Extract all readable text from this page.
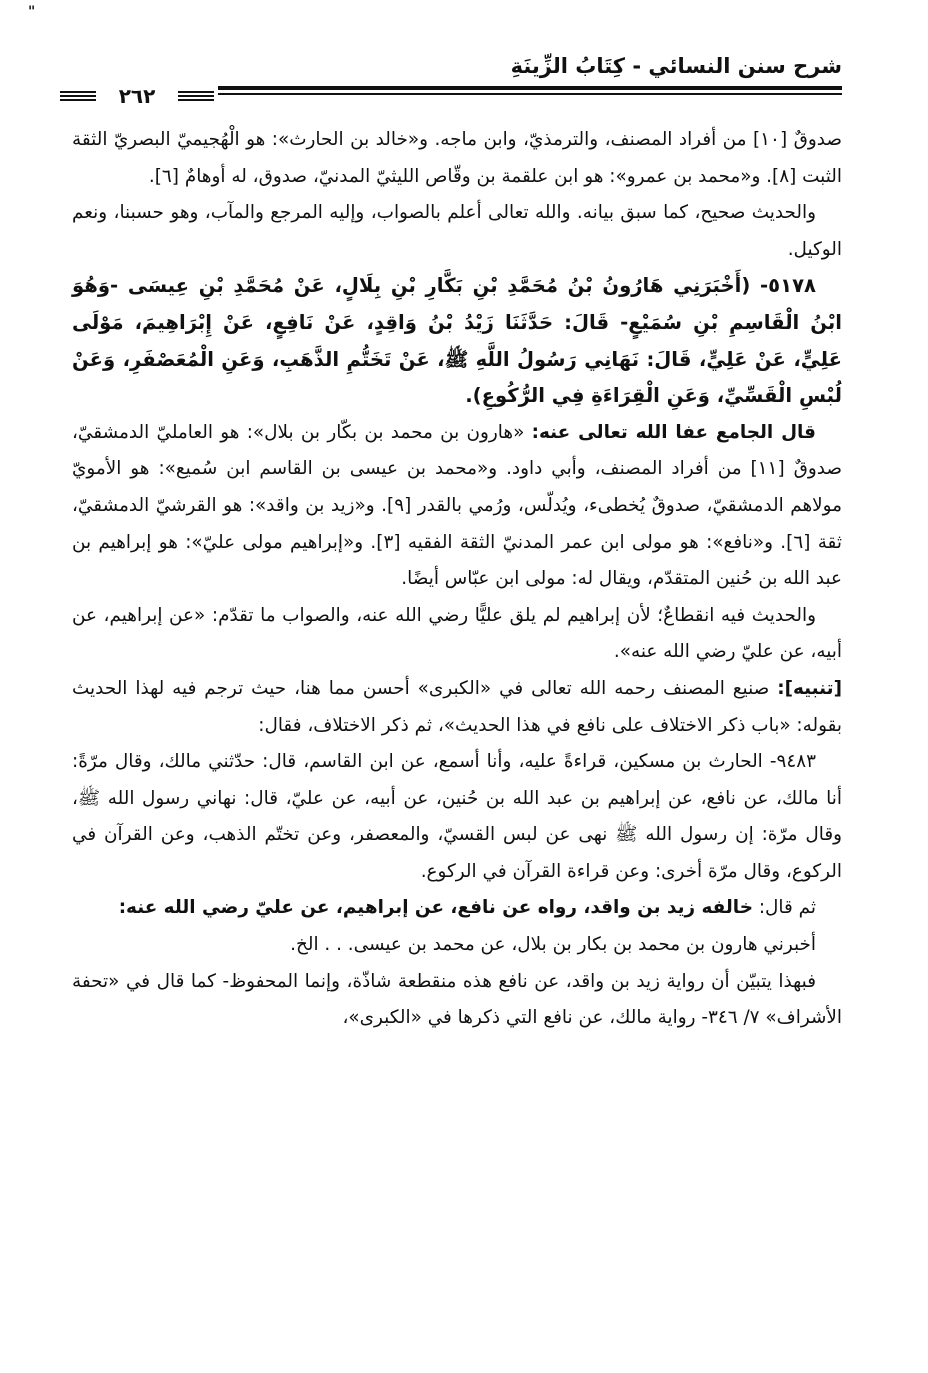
"
شرح سنن النسائي - كِتَابُ الزِّينَةِ
٢٦٢

صدوقٌ [١٠] من أفراد المصنف، والترمذيّ، وابن ماجه. و«خالد بن الحارث»: هو الْهُجيميّ البصريّ الثقة الثبت [٨]. و«محمد بن عمرو»: هو ابن علقمة بن وقّاص الليثيّ المدنيّ، صدوق، له أوهامٌ [٦].

والحديث صحيح، كما سبق بيانه. والله تعالى أعلم بالصواب، وإليه المرجع والمآب، وهو حسبنا، ونعم الوكيل.

٥١٧٨- (أَخْبَرَنِي هَارُونُ بْنُ مُحَمَّدِ بْنِ بَكَّارِ بْنِ بِلَالٍ، عَنْ مُحَمَّدِ بْنِ عِيسَى -وَهُوَ ابْنُ الْقَاسِمِ بْنِ سُمَيْعٍ- قَالَ: حَدَّثَنَا زَيْدُ بْنُ وَاقِدٍ، عَنْ نَافِعٍ، عَنْ إِبْرَاهِيمَ، مَوْلَى عَلِيٍّ، عَنْ عَلِيٍّ، قَالَ: نَهَانِي رَسُولُ اللَّهِ ﷺ، عَنْ تَخَتُّمِ الذَّهَبِ، وَعَنِ الْمُعَصْفَرِ، وَعَنْ لُبْسِ الْقَسِّيِّ، وَعَنِ الْقِرَاءَةِ فِي الرُّكُوعِ).

قال الجامع عفا الله تعالى عنه: «هارون بن محمد بن بكّار بن بلال»: هو العامليّ الدمشقيّ، صدوقٌ [١١] من أفراد المصنف، وأبي داود. و«محمد بن عيسى بن القاسم ابن سُميع»: هو الأمويّ مولاهم الدمشقيّ، صدوقٌ يُخطىء، ويُدلّس، ورُمي بالقدر [٩]. و«زيد بن واقد»: هو القرشيّ الدمشقيّ، ثقة [٦]. و«نافع»: هو مولى ابن عمر المدنيّ الثقة الفقيه [٣]. و«إبراهيم مولى عليّ»: هو إبراهيم بن عبد الله بن حُنين المتقدّم، ويقال له: مولى ابن عبّاس أيضًا.

والحديث فيه انقطاعٌ؛ لأن إبراهيم لم يلق عليًّا رضي الله عنه، والصواب ما تقدّم: «عن إبراهيم، عن أبيه، عن عليّ رضي الله عنه».

[تنبيه]: صنيع المصنف رحمه الله تعالى في «الكبرى» أحسن مما هنا، حيث ترجم فيه لهذا الحديث بقوله: «باب ذكر الاختلاف على نافع في هذا الحديث»، ثم ذكر الاختلاف، فقال:

٩٤٨٣- الحارث بن مسكين، قراءةً عليه، وأنا أسمع، عن ابن القاسم، قال: حدّثني مالك، وقال مرّةً: أنا مالك، عن نافع، عن إبراهيم بن عبد الله بن حُنين، عن أبيه، عن عليّ، قال: نهاني رسول الله ﷺ، وقال مرّة: إن رسول الله ﷺ نهى عن لبس القسيّ، والمعصفر، وعن تختّم الذهب، وعن القرآن في الركوع، وقال مرّة أخرى: وعن قراءة القرآن في الركوع.

ثم قال: خالفه زيد بن واقد، رواه عن نافع، عن إبراهيم، عن عليّ رضي الله عنه:

أخبرني هارون بن محمد بن بكار بن بلال، عن محمد بن عيسى. . . الخ.

فبهذا يتبيّن أن رواية زيد بن واقد، عن نافع هذه منقطعة شاذّة، وإنما المحفوظ- كما قال في «تحفة الأشراف» ٧/ ٣٤٦- رواية مالك، عن نافع التي ذكرها في «الكبرى»،
